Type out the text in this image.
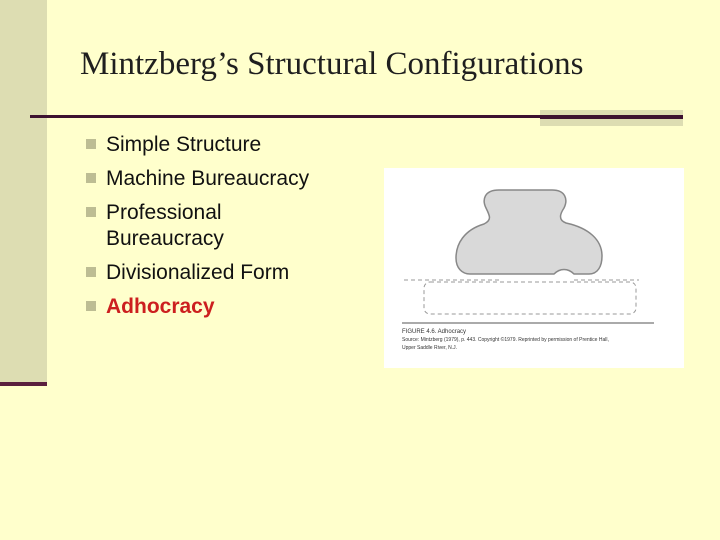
Mintzberg’s Structural Configurations
Simple Structure
Machine Bureaucracy
Professional
Bureaucracy
Divisionalized Form
Adhocracy
FIGURE 4.6. Adhocracy
Source: Mintzberg (1979), p. 443. Copyright ©1979. Reprinted by permission of Prentice Hall,
Upper Saddle River, N.J.
